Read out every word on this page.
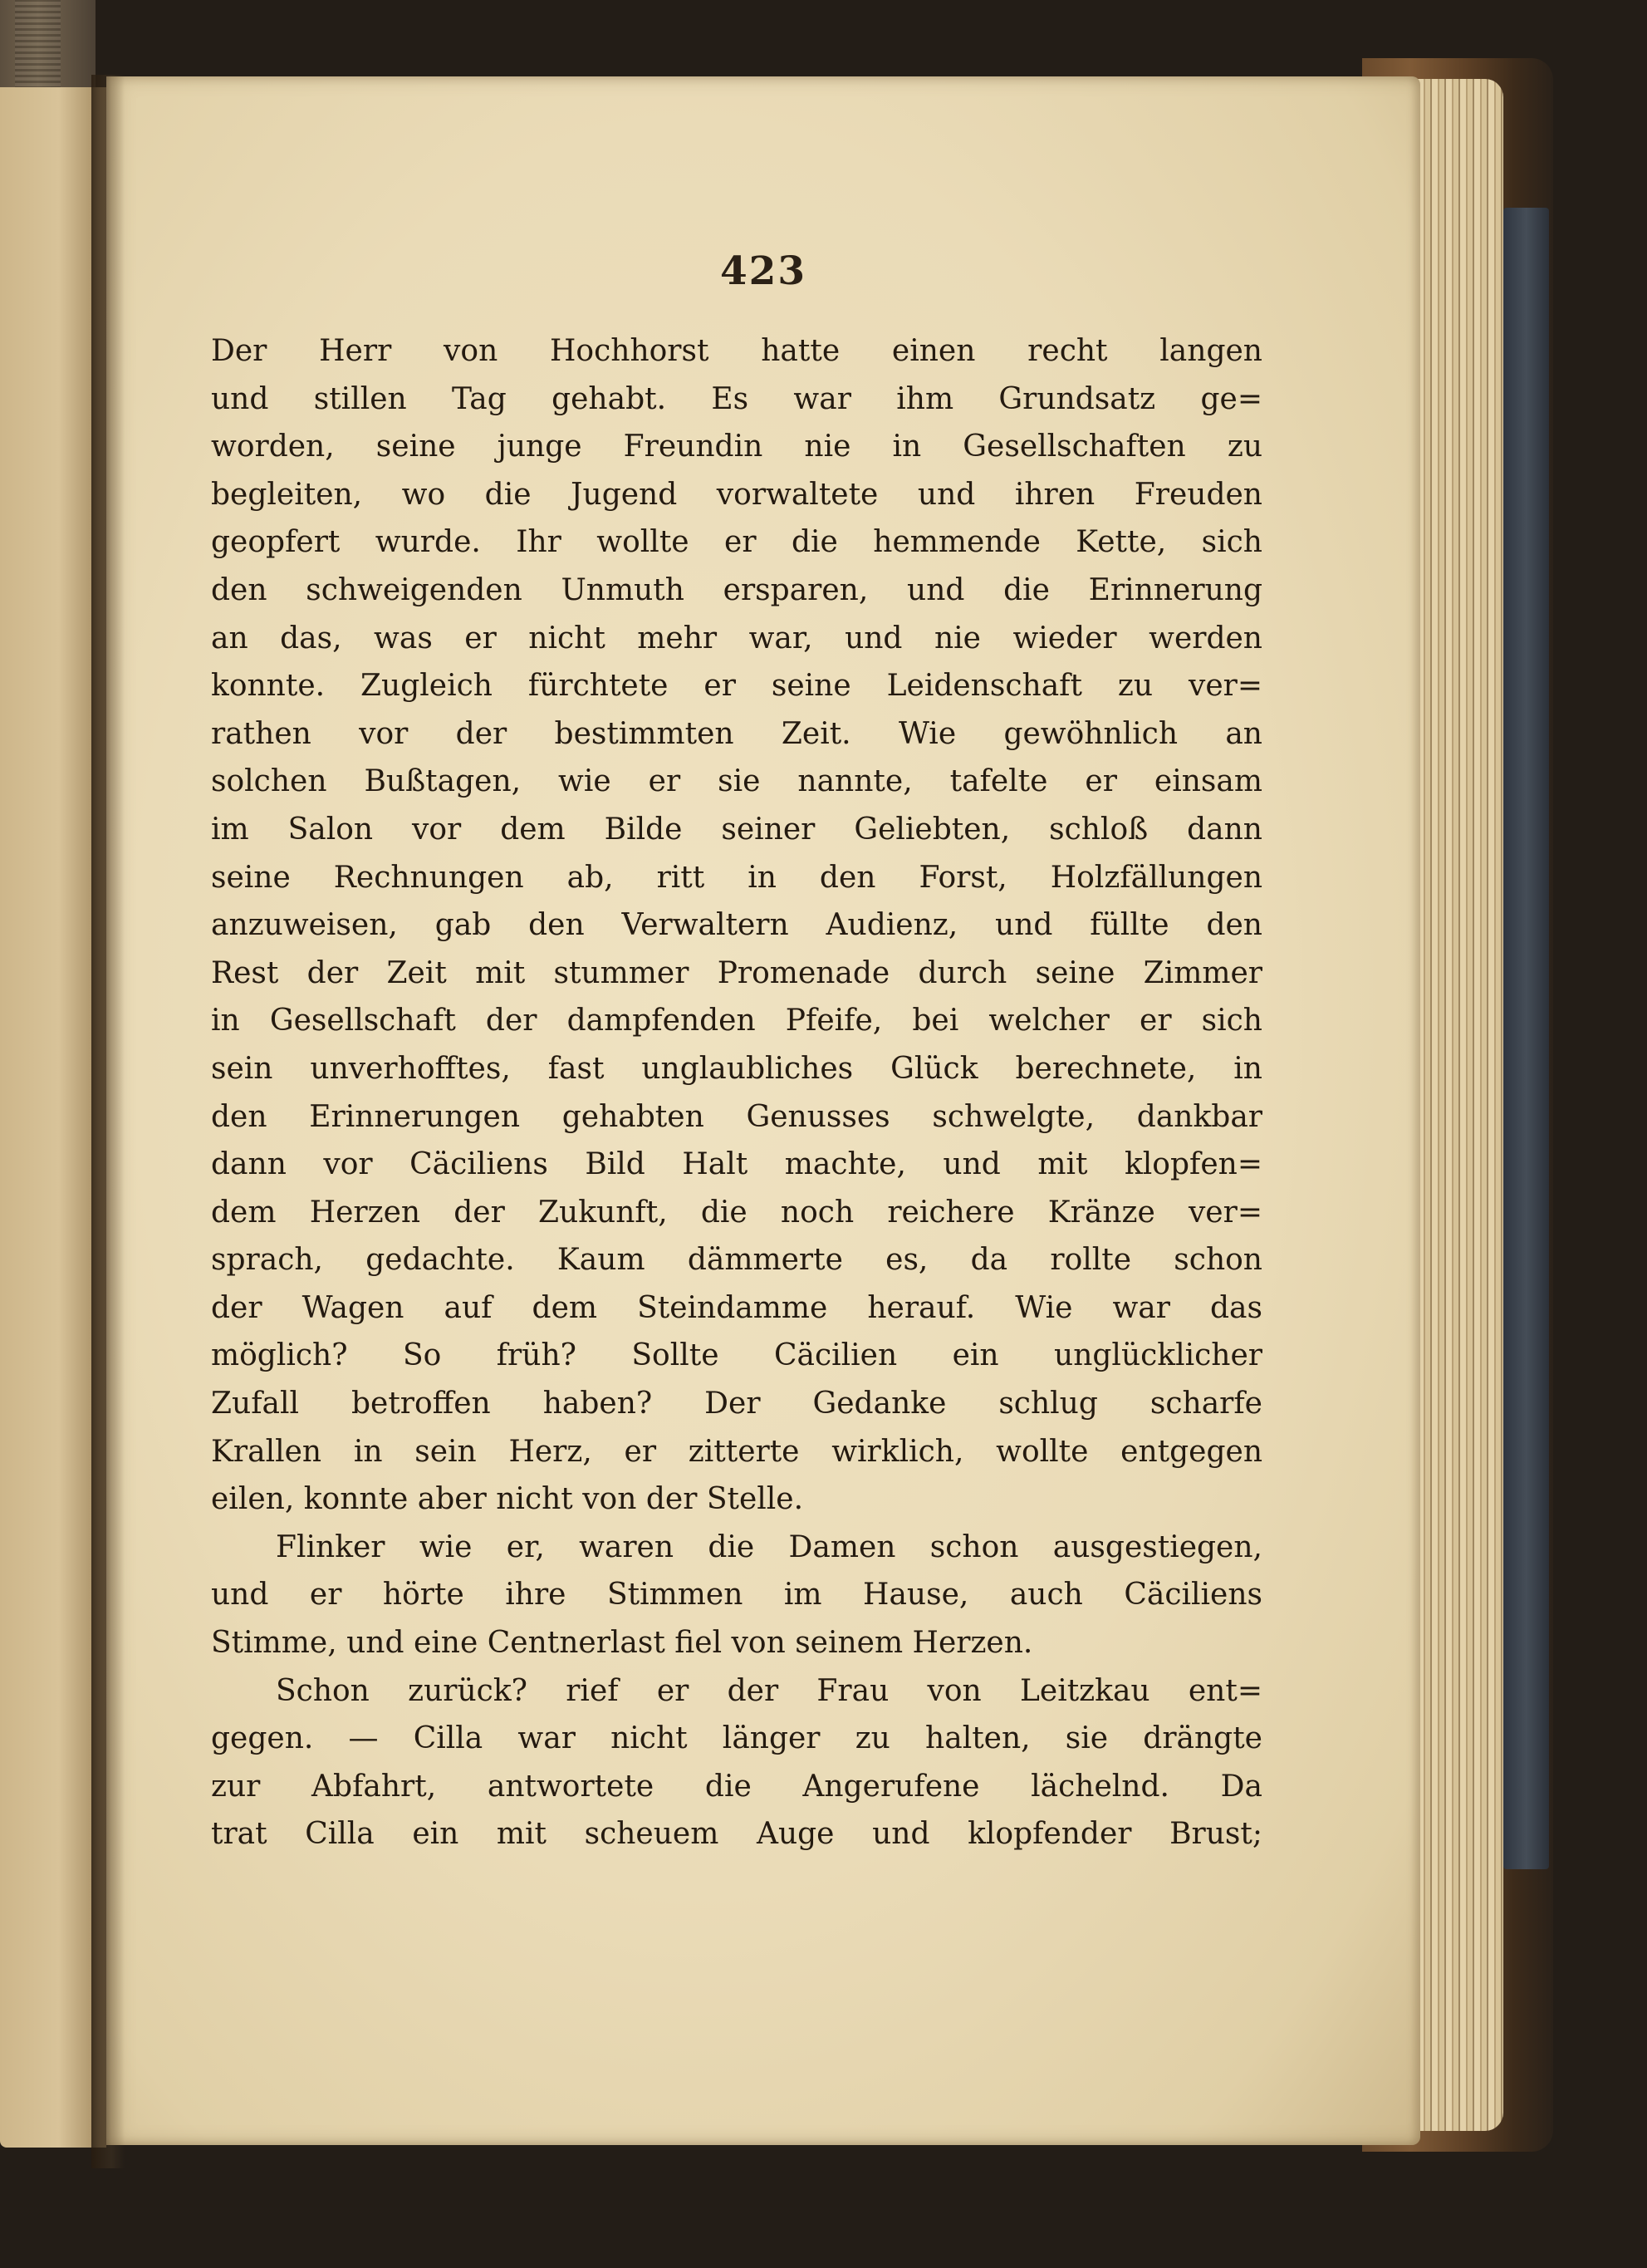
423
Der Herr von Hochhorst hatte einen recht langen
und stillen Tag gehabt. Es war ihm Grundsatz ge=
worden, seine junge Freundin nie in Gesellschaften zu
begleiten, wo die Jugend vorwaltete und ihren Freuden
geopfert wurde. Ihr wollte er die hemmende Kette, sich
den schweigenden Unmuth ersparen, und die Erinnerung
an das, was er nicht mehr war, und nie wieder werden
konnte. Zugleich fürchtete er seine Leidenschaft zu ver=
rathen vor der bestimmten Zeit. Wie gewöhnlich an
solchen Bußtagen, wie er sie nannte, tafelte er einsam
im Salon vor dem Bilde seiner Geliebten, schloß dann
seine Rechnungen ab, ritt in den Forst, Holzfällungen
anzuweisen, gab den Verwaltern Audienz, und füllte den
Rest der Zeit mit stummer Promenade durch seine Zimmer
in Gesellschaft der dampfenden Pfeife, bei welcher er sich
sein unverhofftes, fast unglaubliches Glück berechnete, in
den Erinnerungen gehabten Genusses schwelgte, dankbar
dann vor Cäciliens Bild Halt machte, und mit klopfen=
dem Herzen der Zukunft, die noch reichere Kränze ver=
sprach, gedachte. Kaum dämmerte es, da rollte schon
der Wagen auf dem Steindamme herauf. Wie war das
möglich? So früh? Sollte Cäcilien ein unglücklicher
Zufall betroffen haben? Der Gedanke schlug scharfe
Krallen in sein Herz, er zitterte wirklich, wollte entgegen
eilen, konnte aber nicht von der Stelle.
Flinker wie er, waren die Damen schon ausgestiegen,
und er hörte ihre Stimmen im Hause, auch Cäciliens
Stimme, und eine Centnerlast fiel von seinem Herzen.
Schon zurück? rief er der Frau von Leitzkau ent=
gegen. — Cilla war nicht länger zu halten, sie drängte
zur Abfahrt, antwortete die Angerufene lächelnd. Da
trat Cilla ein mit scheuem Auge und klopfender Brust;
